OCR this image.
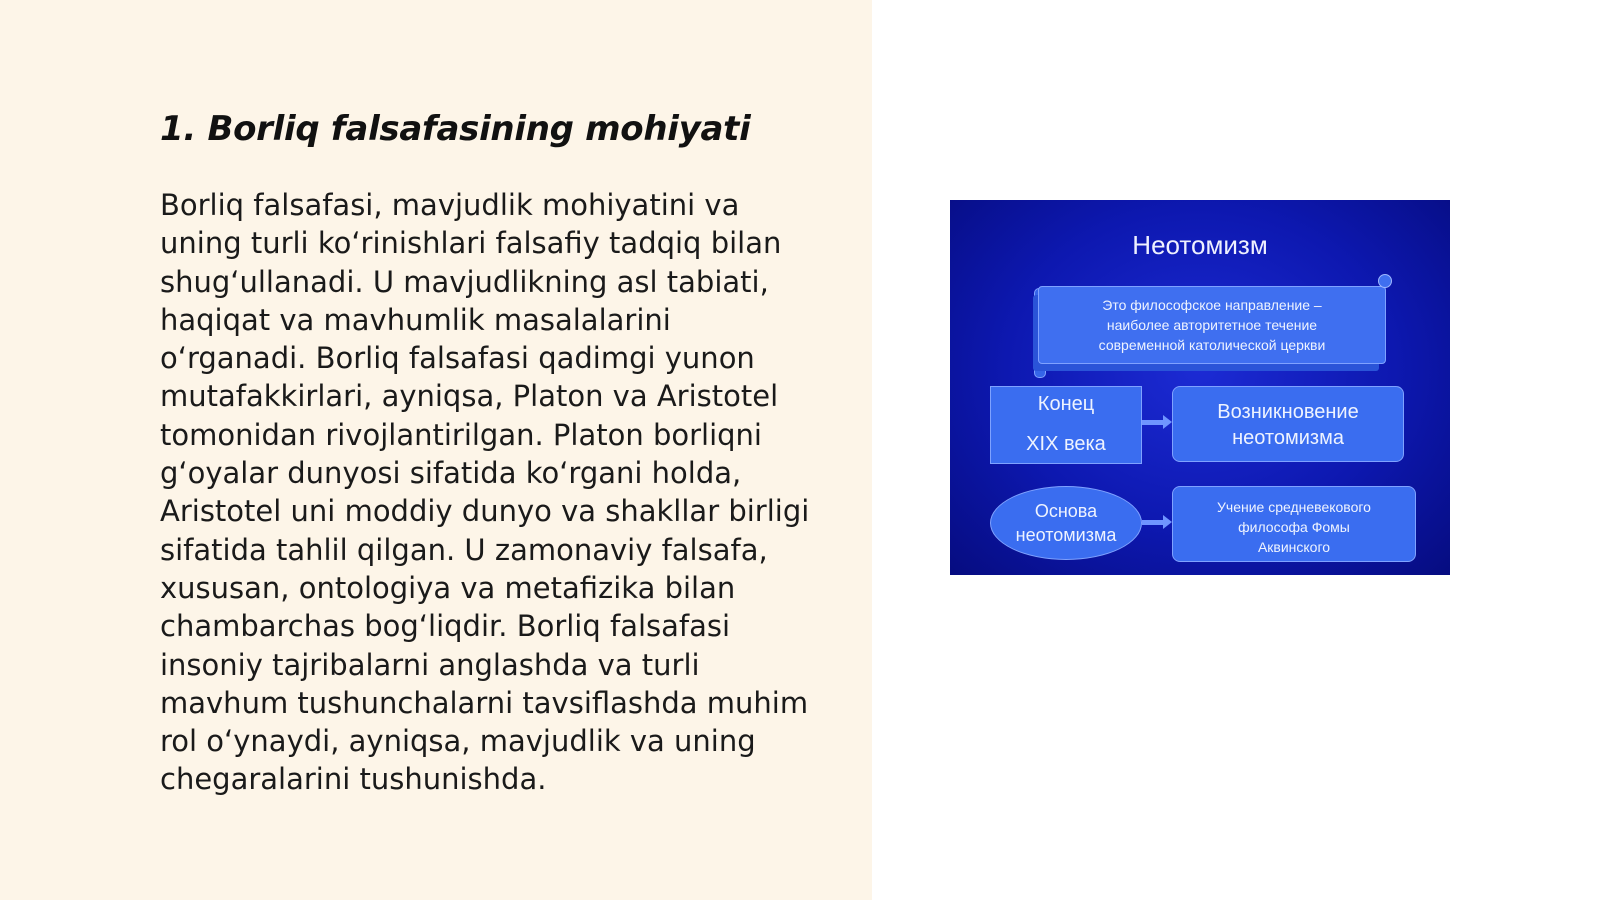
1. Borliq falsafasining mohiyati

Borliq falsafasi, mavjudlik mohiyatini va
uning turli koʻrinishlari falsafiy tadqiq bilan
shugʻullanadi. U mavjudlikning asl tabiati,
haqiqat va mavhumlik masalalarini
oʻrganadi. Borliq falsafasi qadimgi yunon
mutafakkirlari, ayniqsa, Platon va Aristotel
tomonidan rivojlantirilgan. Platon borliqni
gʻoyalar dunyosi sifatida koʻrgani holda,
Aristotel uni moddiy dunyo va shakllar birligi
sifatida tahlil qilgan. U zamonaviy falsafa,
xususan, ontologiya va metafizika bilan
chambarchas bogʻliqdir. Borliq falsafasi
insoniy tajribalarni anglashda va turli
mavhum tushunchalarni tavsiflashda muhim
rol oʻynaydi, ayniqsa, mavjudlik va uning
chegaralarini tushunishda.

Неотомизм
Это философское направление –
наиболее авторитетное течение
современной католической церкви
Конец
XIX века
Возникновение
неотомизма
Основа
неотомизма
Учение средневекового
философа Фомы
Аквинского
